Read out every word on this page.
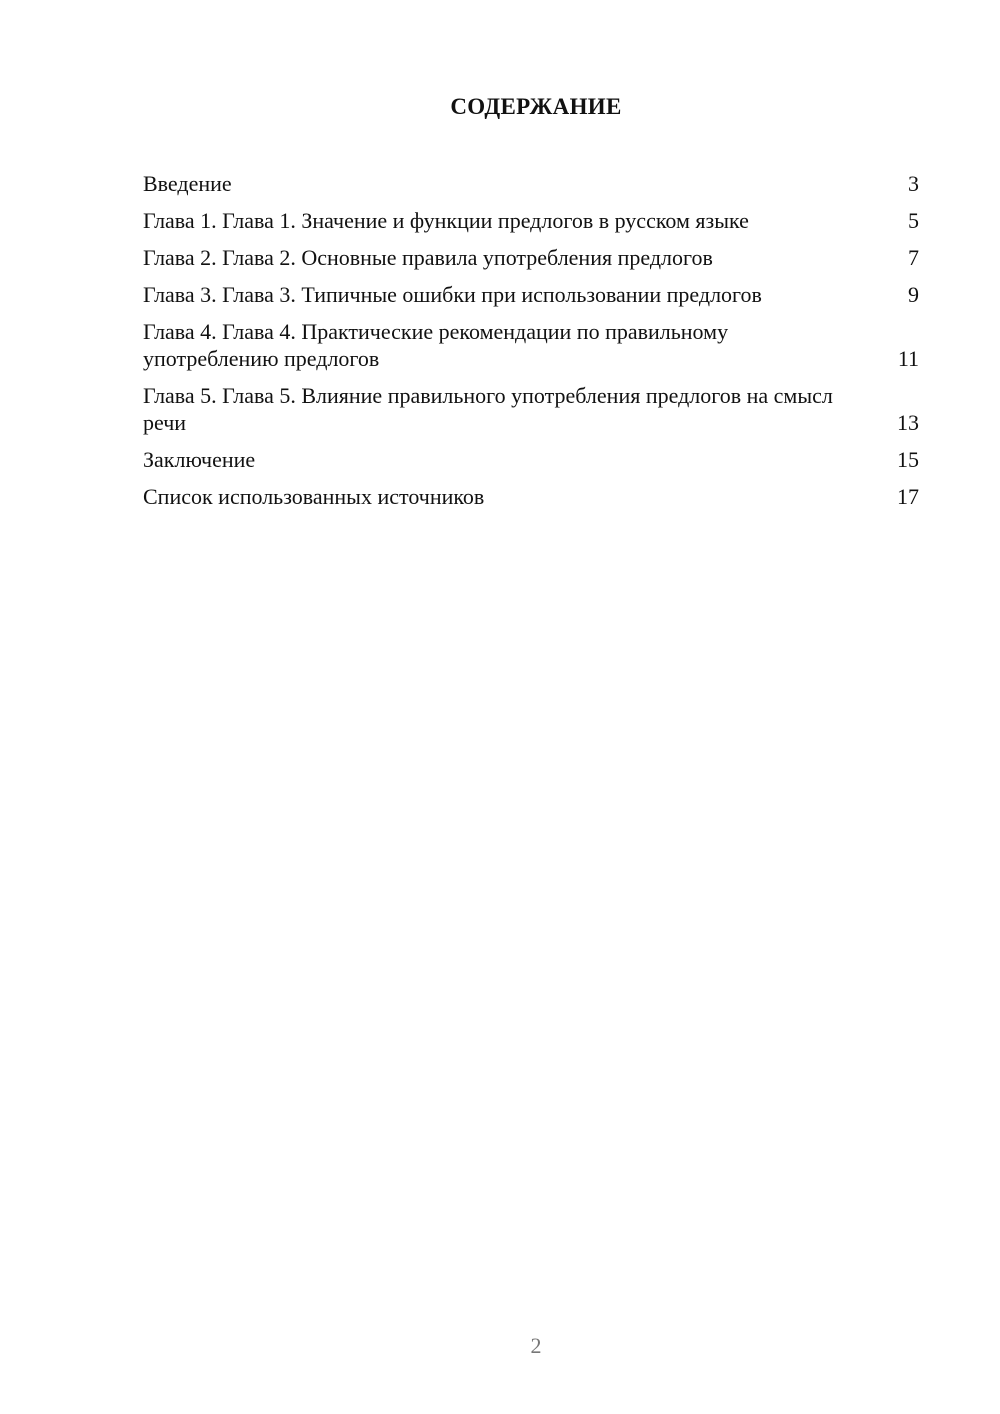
СОДЕРЖАНИЕ
Введение	3
Глава 1. Глава 1. Значение и функции предлогов в русском языке	5
Глава 2. Глава 2. Основные правила употребления предлогов	7
Глава 3. Глава 3. Типичные ошибки при использовании предлогов	9
Глава 4. Глава 4. Практические рекомендации по правильному употреблению предлогов	11
Глава 5. Глава 5. Влияние правильного употребления предлогов на смысл речи	13
Заключение	15
Список использованных источников	17
2
